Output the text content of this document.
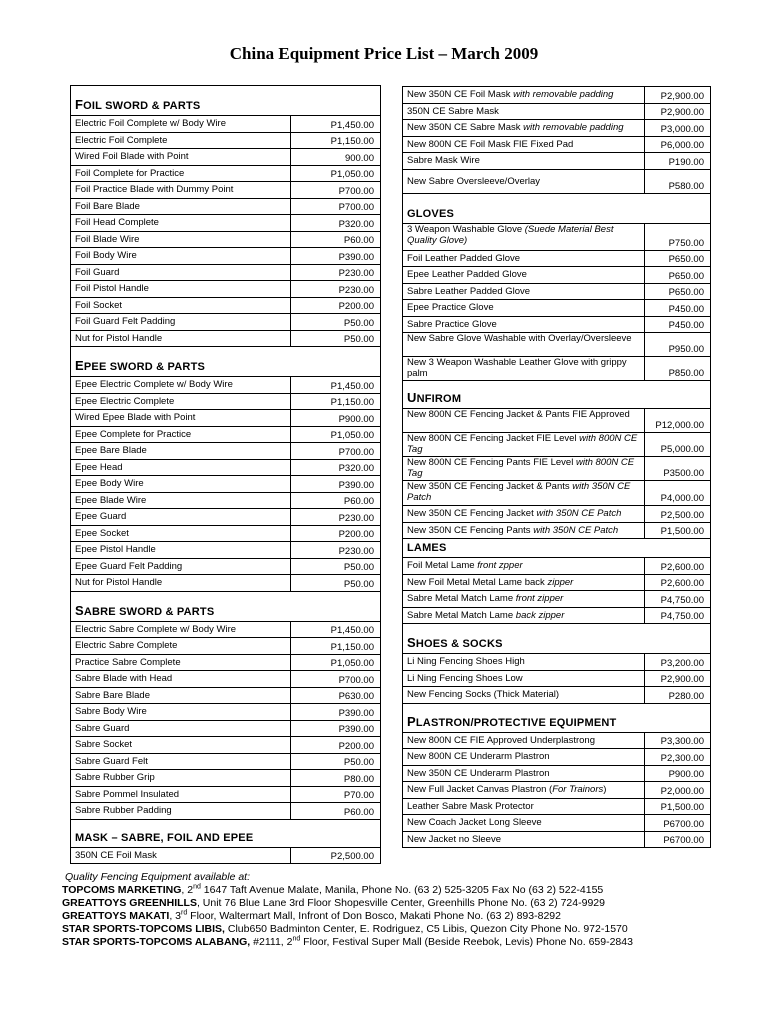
China Equipment Price List – March 2009
FOIL SWORD & PARTS	
Electric Foil Complete w/ Body Wire	P1,450.00
Electric Foil Complete	P1,150.00
Wired Foil Blade with Point	900.00
Foil Complete for Practice	P1,050.00
Foil Practice Blade with Dummy Point	P700.00
Foil Bare Blade	P700.00
Foil Head Complete	P320.00
Foil Blade Wire	P60.00
Foil Body Wire	P390.00
Foil Guard	P230.00
Foil Pistol Handle	P230.00
Foil Socket	P200.00
Foil Guard Felt Padding	P50.00
Nut for Pistol Handle	P50.00
EPEE SWORD & PARTS	
Epee Electric Complete w/ Body Wire	P1,450.00
Epee Electric Complete	P1,150.00
Wired Epee Blade with Point	P900.00
Epee Complete for Practice	P1,050.00
Epee Bare Blade	P700.00
Epee Head	P320.00
Epee Body Wire	P390.00
Epee Blade Wire	P60.00
Epee Guard	P230.00
Epee Socket	P200.00
Epee Pistol Handle	P230.00
Epee Guard Felt Padding	P50.00
Nut for Pistol Handle	P50.00
SABRE SWORD & PARTS	
Electric Sabre Complete w/ Body Wire	P1,450.00
Electric Sabre Complete	P1,150.00
Practice Sabre Complete	P1,050.00
Sabre Blade with Head	P700.00
Sabre Bare Blade	P630.00
Sabre Body Wire	P390.00
Sabre Guard	P390.00
Sabre Socket	P200.00
Sabre Guard Felt	P50.00
Sabre Rubber Grip	P80.00
Sabre Pommel Insulated	P70.00
Sabre Rubber Padding	P60.00
MASK – SABRE, FOIL AND EPEE	
350N CE Foil Mask	P2,500.00
New 350N CE Foil Mask with removable padding	P2,900.00
350N CE Sabre Mask	P2,900.00
New 350N CE Sabre Mask with removable padding	P3,000.00
New 800N CE Foil Mask FIE Fixed Pad	P6,000.00
Sabre Mask Wire	P190.00
New Sabre Oversleeve/Overlay	P580.00
GLOVES	
3 Weapon Washable Glove (Suede Material Best Quality Glove)	P750.00
Foil Leather Padded Glove	P650.00
Epee Leather Padded Glove	P650.00
Sabre Leather Padded Glove	P650.00
Epee Practice Glove	P450.00
Sabre Practice Glove	P450.00
New Sabre Glove Washable with Overlay/Oversleeve	P950.00
New 3 Weapon Washable Leather Glove with grippy palm	P850.00
UNFIROM	
New 800N CE Fencing Jacket & Pants FIE Approved	P12,000.00
New 800N CE Fencing Jacket FIE Level with 800N CE Tag	P5,000.00
New 800N CE Fencing Pants FIE Level with 800N CE Tag	P3500.00
New 350N CE Fencing Jacket & Pants with 350N CE Patch	P4,000.00
New 350N CE Fencing Jacket with 350N CE Patch	P2,500.00
New 350N CE Fencing Pants with 350N CE Patch	P1,500.00
LAMES	
Foil Metal Lame front zpper	P2,600.00
New Foil Metal Metal Lame back zipper	P2,600.00
Sabre Metal Match Lame front zipper	P4,750.00
Sabre Metal Match Lame back zipper	P4,750.00
SHOES & SOCKS	
Li Ning Fencing Shoes High	P3,200.00
Li Ning Fencing Shoes Low	P2,900.00
New Fencing Socks (Thick Material)	P280.00
PLASTRON/PROTECTIVE EQUIPMENT	
New 800N CE FIE Approved Underplastrong	P3,300.00
New 800N CE Underarm Plastron	P2,300.00
New 350N CE Underarm Plastron	P900.00
New Full Jacket Canvas Plastron (For Trainors)	P2,000.00
Leather Sabre Mask Protector	P1,500.00
New Coach Jacket Long Sleeve	P6700.00
New Jacket no Sleeve	P6700.00
Quality Fencing Equipment available at:
TOPCOMS MARKETING, 2nd 1647 Taft Avenue Malate, Manila, Phone No. (63 2) 525-3205 Fax No (63 2) 522-4155
GREATTOYS GREENHILLS, Unit 76 Blue Lane 3rd Floor Shopesville Center, Greenhills Phone No. (63 2) 724-9929
GREATTOYS MAKATI, 3rd Floor, Waltermart Mall, Infront of Don Bosco, Makati Phone No. (63 2) 893-8292
STAR SPORTS-TOPCOMS LIBIS, Club650 Badminton Center, E. Rodriguez, C5 Libis, Quezon City Phone No. 972-1570
STAR SPORTS-TOPCOMS ALABANG, #2111, 2nd Floor, Festival Super Mall (Beside Reebok, Levis) Phone No. 659-2843
